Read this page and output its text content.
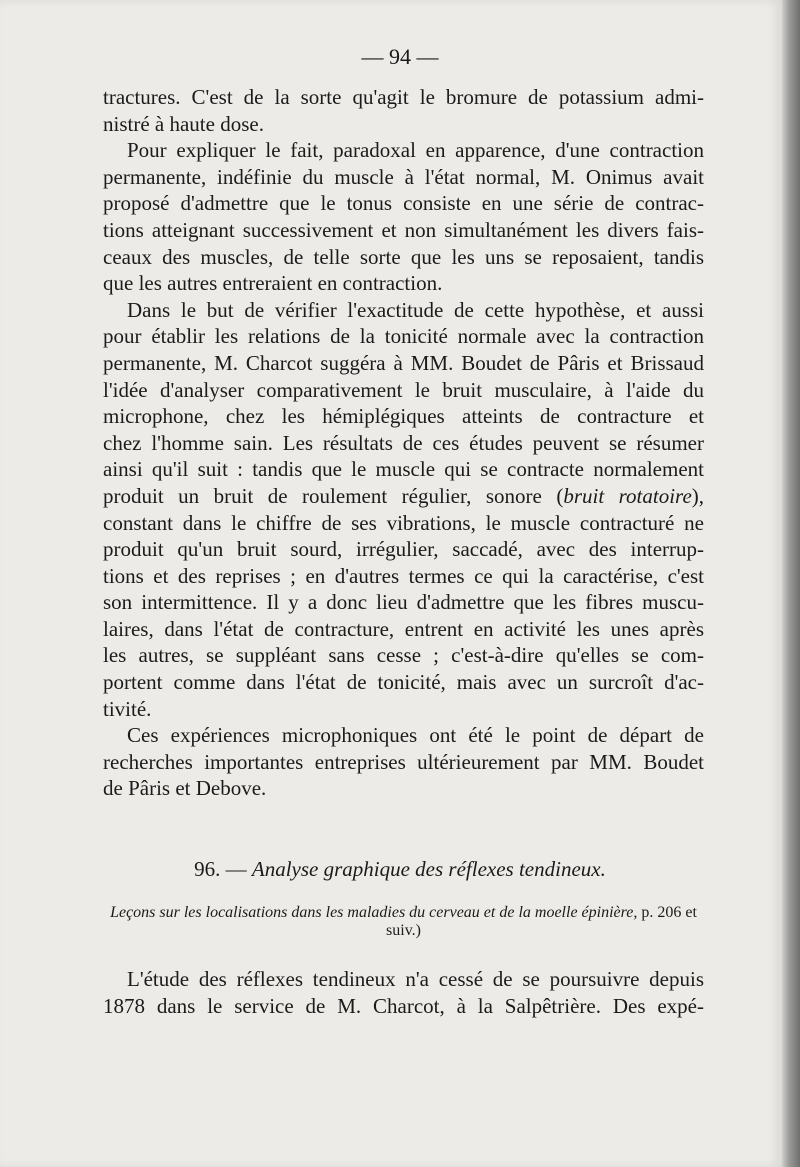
— 94 —
tractures. C'est de la sorte qu'agit le bromure de potassium admi-
nistré à haute dose.
Pour expliquer le fait, paradoxal en apparence, d'une contraction
permanente, indéfinie du muscle à l'état normal, M. Onimus avait
proposé d'admettre que le tonus consiste en une série de contrac-
tions atteignant successivement et non simultanément les divers fais-
ceaux des muscles, de telle sorte que les uns se reposaient, tandis
que les autres entreraient en contraction.
Dans le but de vérifier l'exactitude de cette hypothèse, et aussi
pour établir les relations de la tonicité normale avec la contraction
permanente, M. Charcot suggéra à MM. Boudet de Pâris et Brissaud
l'idée d'analyser comparativement le bruit musculaire, à l'aide du
microphone, chez les hémiplégiques atteints de contracture et
chez l'homme sain. Les résultats de ces études peuvent se résumer
ainsi qu'il suit : tandis que le muscle qui se contracte normalement
produit un bruit de roulement régulier, sonore (bruit rotatoire),
constant dans le chiffre de ses vibrations, le muscle contracturé ne
produit qu'un bruit sourd, irrégulier, saccadé, avec des interrup-
tions et des reprises ; en d'autres termes ce qui la caractérise, c'est
son intermittence. Il y a donc lieu d'admettre que les fibres muscu-
laires, dans l'état de contracture, entrent en activité les unes après
les autres, se suppléant sans cesse ; c'est-à-dire qu'elles se com-
portent comme dans l'état de tonicité, mais avec un surcroît d'ac-
tivité.
Ces expériences microphoniques ont été le point de départ de
recherches importantes entreprises ultérieurement par MM. Boudet
de Pâris et Debove.
96. — Analyse graphique des réflexes tendineux.
Leçons sur les localisations dans les maladies du cerveau et de la moelle épinière, p. 206 et suiv.)
L'étude des réflexes tendineux n'a cessé de se poursuivre depuis
1878 dans le service de M. Charcot, à la Salpêtrière. Des expé-
